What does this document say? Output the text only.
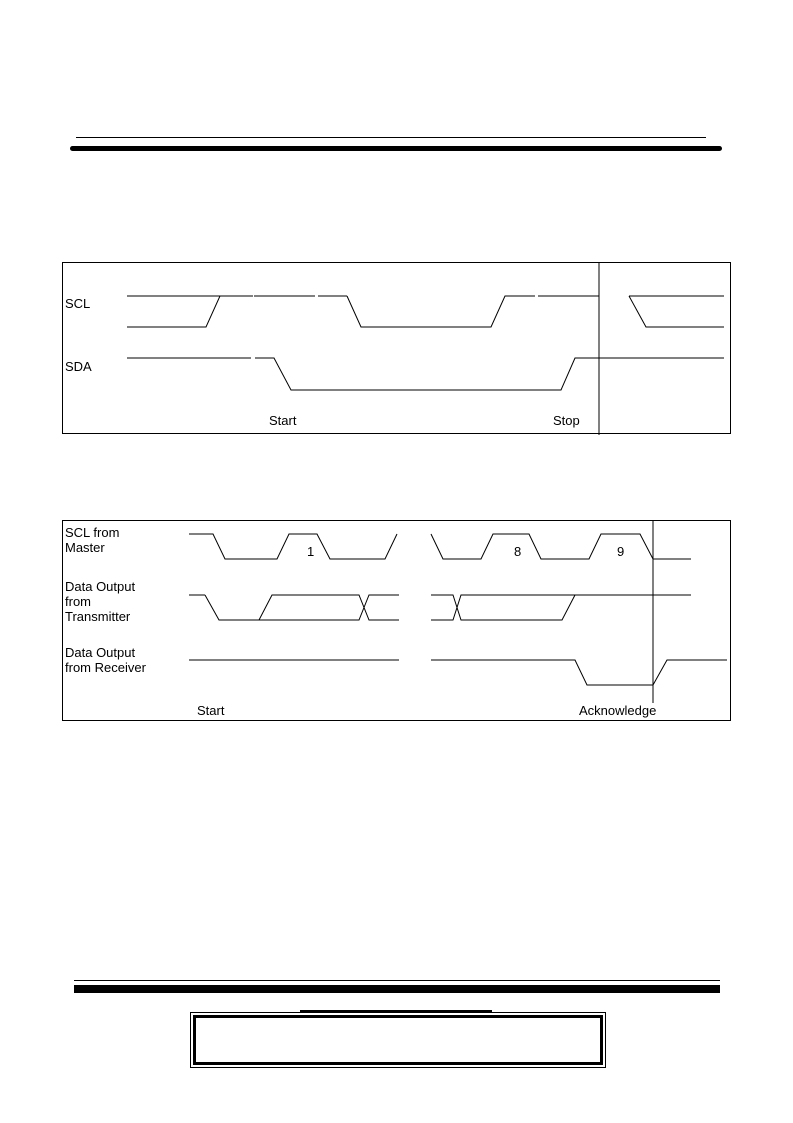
SCL
SDA
Start	Stop
SCL from
Master
Data Output
from
Transmitter
Data Output
from Receiver
1	8	9
Start	Acknowledge
